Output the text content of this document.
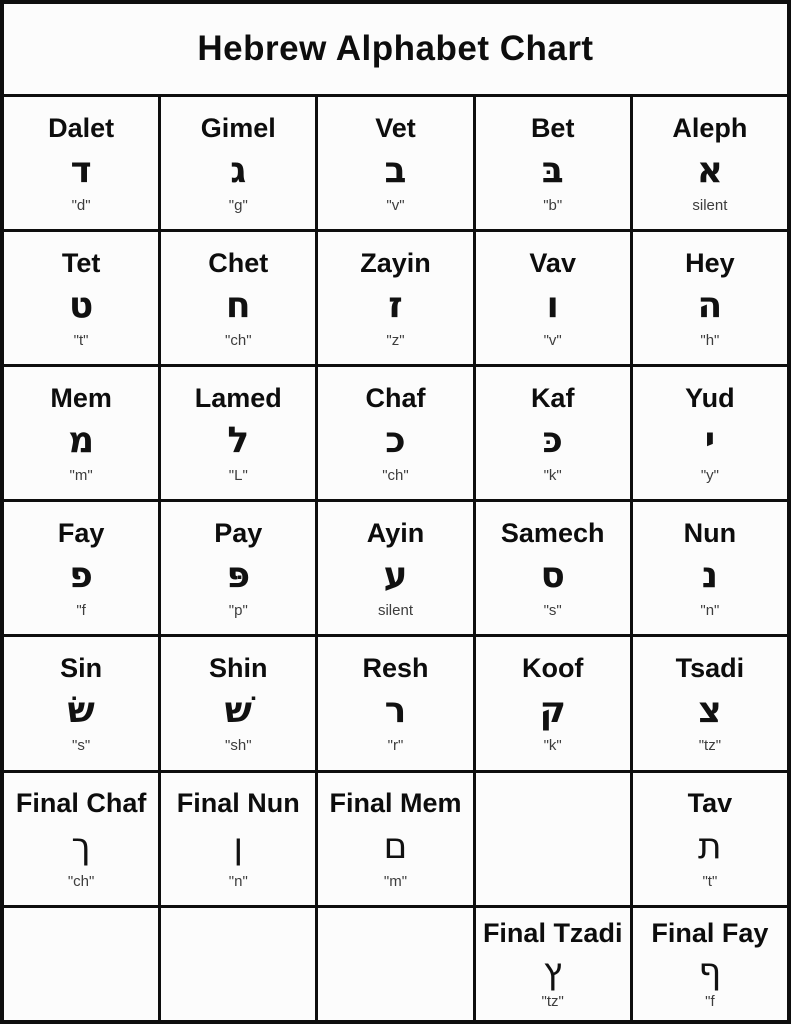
Hebrew Alphabet Chart
Dalet
ד
"d"
Gimel
ג
"g"
Vet
ב
"v"
Bet
בּ
"b"
Aleph
א
silent
Tet
ט
"t"
Chet
ח
"ch"
Zayin
ז
"z"
Vav
ו
"v"
Hey
ה
"h"
Mem
מ
"m"
Lamed
ל
"L"
Chaf
כ
"ch"
Kaf
כּ
"k"
Yud
י
"y"
Fay
פ
"f
Pay
פּ
"p"
Ayin
ע
silent
Samech
ס
"s"
Nun
נ
"n"
Sin
שׂ
"s"
Shin
שׁ
"sh"
Resh
ר
"r"
Koof
ק
"k"
Tsadi
צ
"tz"
Final Chaf
ך
"ch"
Final Nun
ן
"n"
Final Mem
ם
"m"
Tav
ת
"t"
Final Tzadi
ץ
"tz"
Final Fay
ף
"f
